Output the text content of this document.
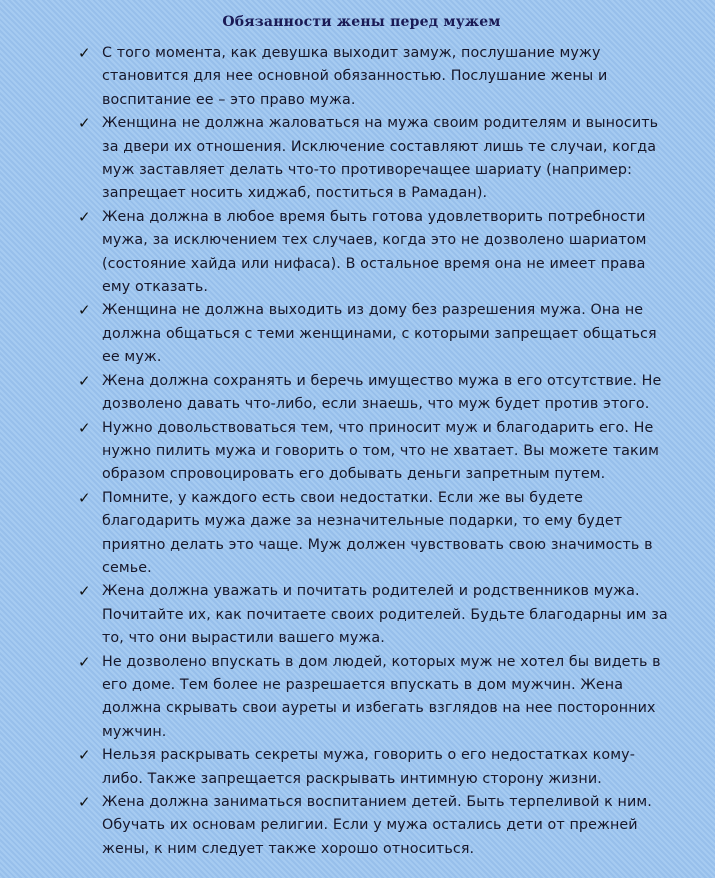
Обязанности жены перед мужем
✓ С того момента, как девушка выходит замуж, послушание мужу становится для нее основной обязанностью. Послушание жены и воспитание ее – это право мужа.
✓ Женщина не должна жаловаться на мужа своим родителям и выносить за двери их отношения. Исключение составляют лишь те случаи, когда муж заставляет делать что-то противоречащее шариату (например: запрещает носить хиджаб, поститься в Рамадан).
✓ Жена должна в любое время быть готова удовлетворить потребности мужа, за исключением тех случаев, когда это не дозволено шариатом (состояние хайда или нифаса). В остальное время она не имеет права ему отказать.
✓ Женщина не должна выходить из дому без разрешения мужа. Она не должна общаться с теми женщинами, с которыми запрещает общаться ее муж.
✓ Жена должна сохранять и беречь имущество мужа в его отсутствие. Не дозволено давать что-либо, если знаешь, что муж будет против этого.
✓ Нужно довольствоваться тем, что приносит муж и благодарить его. Не нужно пилить мужа и говорить о том, что не хватает. Вы можете таким образом спровоцировать его добывать деньги запретным путем.
✓ Помните, у каждого есть свои недостатки. Если же вы будете благодарить мужа даже за незначительные подарки, то ему будет приятно делать это чаще. Муж должен чувствовать свою значимость в семье.
✓ Жена должна уважать и почитать родителей и родственников мужа. Почитайте их, как почитаете своих родителей. Будьте благодарны им за то, что они вырастили вашего мужа.
✓ Не дозволено впускать в дом людей, которых муж не хотел бы видеть в его доме. Тем более не разрешается впускать в дом мужчин. Жена должна скрывать свои ауреты и избегать взглядов на нее посторонних мужчин.
✓ Нельзя раскрывать секреты мужа, говорить о его недостатках кому-либо. Также запрещается раскрывать интимную сторону жизни.
✓ Жена должна заниматься воспитанием детей. Быть терпеливой к ним. Обучать их основам религии. Если у мужа остались дети от прежней жены, к ним следует также хорошо относиться.
